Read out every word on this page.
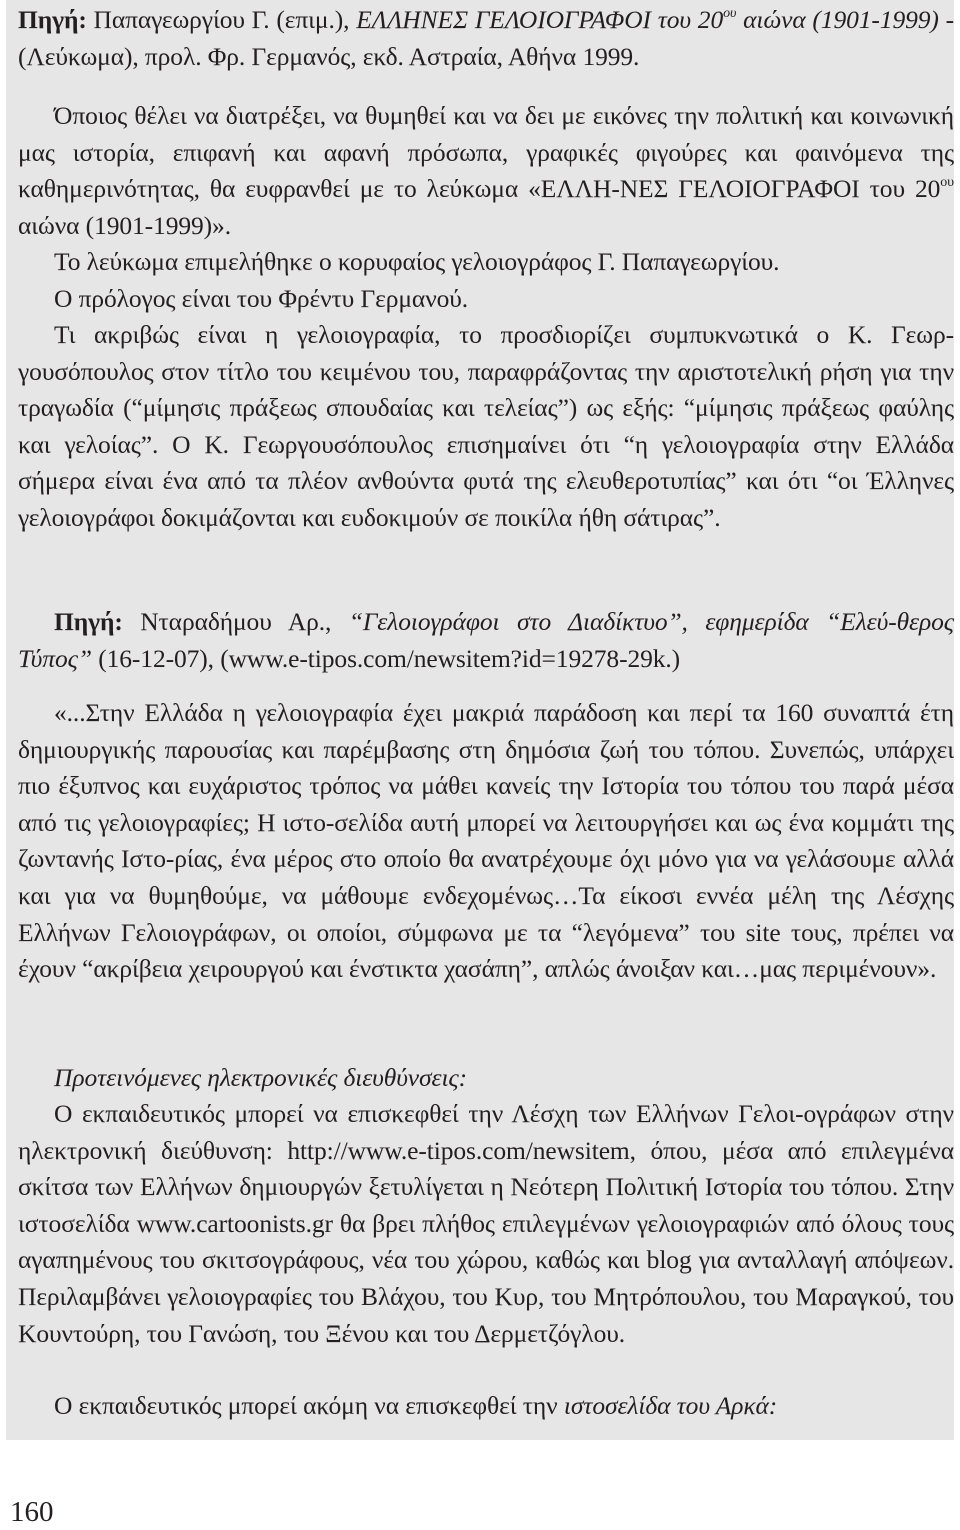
Πηγή: Παπαγεωργίου Γ. (επιμ.), ΕΛΛΗΝΕΣ ΓΕΛΟΙΟΓΡΑΦΟΙ του $20^{o\upsilon}$ αιώνα (1901-1999) - (Λεύκωμα), προλ. Φρ. Γερμανός, εκδ. Αστραία, Αθήνα 1999.

Όποιος θέλει να διατρέξει, να θυμηθεί και να δει με εικόνες την πολιτική και κοινωνική μας ιστορία, επιφανή και αφανή πρόσωπα, γραφικές φιγούρες και φαινόμενα της καθημερινότητας, θα ευφρανθεί με το λεύκωμα «ΕΛΛΗ-ΝΕΣ ΓΕΛΟΙΟΓΡΑΦΟΙ του $20^{o\upsilon}$ αιώνα (1901-1999)».

Το λεύκωμα επιμελήθηκε ο κορυφαίος γελοιογράφος Γ. Παπαγεωργίου.

Ο πρόλογος είναι του Φρέντυ Γερμανού.

Τι ακριβώς είναι η γελοιογραφία, το προσδιορίζει συμπυκνωτικά ο Κ. Γεωρ-γουσόπουλος στον τίτλο του κειμένου του, παραφράζοντας την αριστοτελική ρήση για την τραγωδία (“μίμησις πράξεως σπουδαίας και τελείας”) ως εξής: “μίμησις πράξεως φαύλης και γελοίας”. Ο Κ. Γεωργουσόπουλος επισημαίνει ότι “η γελοιογραφία στην Ελλάδα σήμερα είναι ένα από τα πλέον ανθούντα φυτά της ελευθεροτυπίας” και ότι “οι Έλληνες γελοιογράφοι δοκιμάζονται και ευδοκιμούν σε ποικίλα ήθη σάτιρας”.

Πηγή: Νταραδήμου Αρ., “Γελοιογράφοι στο Διαδίκτυο”, εφημερίδα “Ελεύ-θερος Τύπος” (16-12-07), (www.e-tipos.com/newsitem?id=19278-29k.)

«...Στην Ελλάδα η γελοιογραφία έχει μακριά παράδοση και περί τα 160 συναπτά έτη δημιουργικής παρουσίας και παρέμβασης στη δημόσια ζωή του τόπου. Συνεπώς, υπάρχει πιο έξυπνος και ευχάριστος τρόπος να μάθει κανείς την Ιστορία του τόπου του παρά μέσα από τις γελοιογραφίες; Η ιστο-σελίδα αυτή μπορεί να λειτουργήσει και ως ένα κομμάτι της ζωντανής Ιστο-ρίας, ένα μέρος στο οποίο θα ανατρέχουμε όχι μόνο για να γελάσουμε αλλά και για να θυμηθούμε, να μάθουμε ενδεχομένως…Τα είκοσι εννέα μέλη της Λέσχης Ελλήνων Γελοιογράφων, οι οποίοι, σύμφωνα με τα “λεγόμενα” του site τους, πρέπει να έχουν “ακρίβεια χειρουργού και ένστικτα χασάπη”, απλώς άνοιξαν και…μας περιμένουν».

Προτεινόμενες ηλεκτρονικές διευθύνσεις:

Ο εκπαιδευτικός μπορεί να επισκεφθεί την Λέσχη των Ελλήνων Γελοι-ογράφων στην ηλεκτρονική διεύθυνση: http://www.e-tipos.com/newsitem, όπου, μέσα από επιλεγμένα σκίτσα των Ελλήνων δημιουργών ξετυλίγεται η Νεότερη Πολιτική Ιστορία του τόπου. Στην ιστοσελίδα www.cartoonists.gr θα βρει πλήθος επιλεγμένων γελοιογραφιών από όλους τους αγαπημένους του σκιτσογράφους, νέα του χώρου, καθώς και blog για ανταλλαγή απόψεων. Περιλαμβάνει γελοιογραφίες του Βλάχου, του Κυρ, του Μητρόπουλου, του Μαραγκού, του Κουντούρη, του Γανώση, του Ξένου και του Δερμετζόγλου.

Ο εκπαιδευτικός μπορεί ακόμη να επισκεφθεί την ιστοσελίδα του Αρκά:

160
